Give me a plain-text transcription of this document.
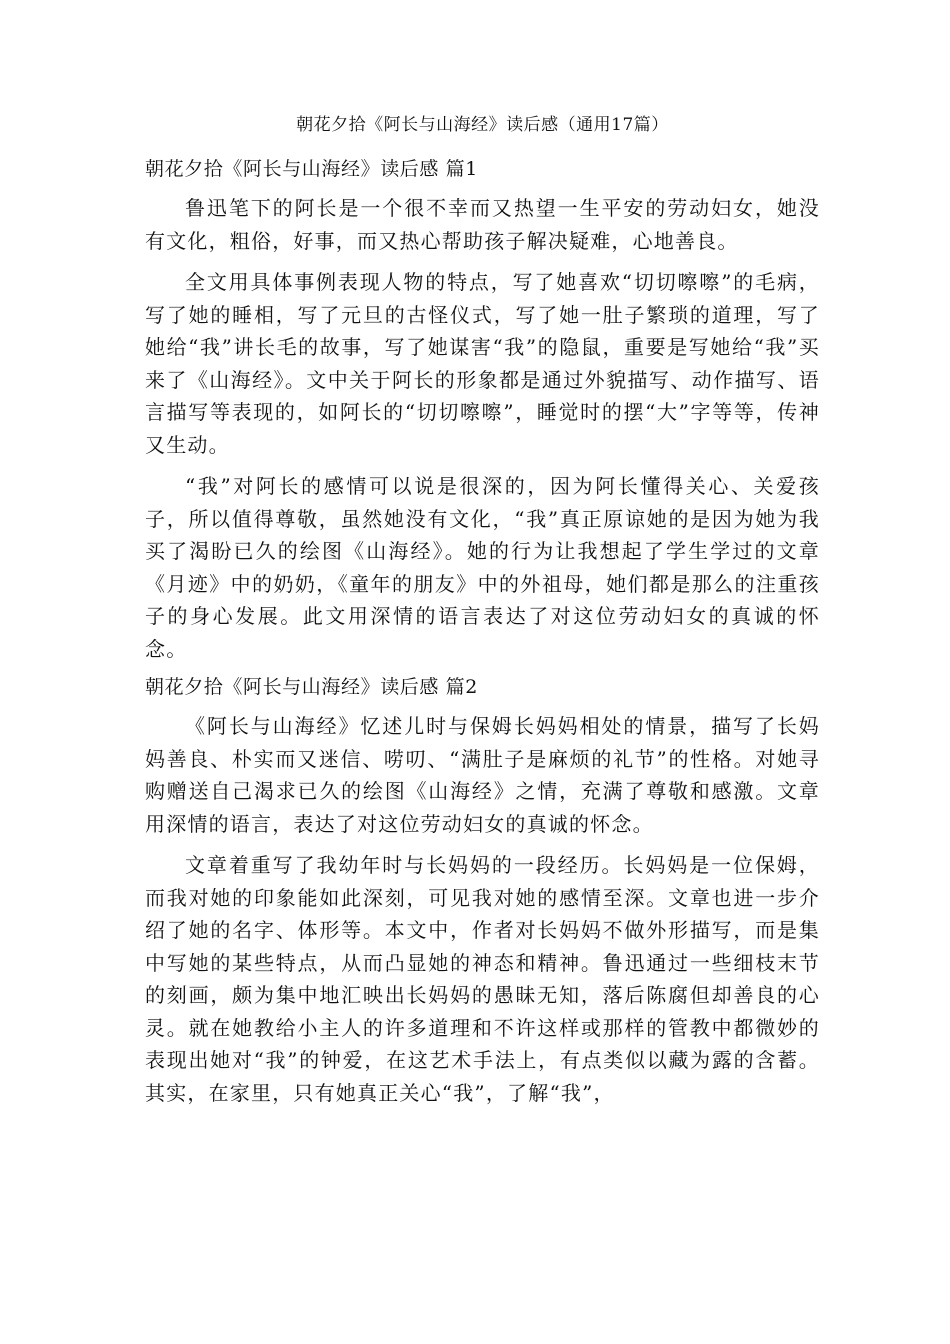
朝花夕拾《阿长与山海经》读后感（通用17篇）
朝花夕拾《阿长与山海经》读后感 篇1

鲁迅笔下的阿长是一个很不幸而又热望一生平安的劳动妇女，她没有文化，粗俗，好事，而又热心帮助孩子解决疑难，心地善良。

全文用具体事例表现人物的特点，写了她喜欢“切切嚓嚓”的毛病，写了她的睡相，写了元旦的古怪仪式，写了她一肚子繁琐的道理，写了她给“我”讲长毛的故事，写了她谋害“我”的隐鼠，重要是写她给“我”买来了《山海经》。文中关于阿长的形象都是通过外貌描写、动作描写、语言描写等表现的，如阿长的“切切嚓嚓”，睡觉时的摆“大”字等等，传神又生动。

“我”对阿长的感情可以说是很深的，因为阿长懂得关心、关爱孩子，所以值得尊敬，虽然她没有文化，“我”真正原谅她的是因为她为我买了渴盼已久的绘图《山海经》。她的行为让我想起了学生学过的文章《月迹》中的奶奶，《童年的朋友》中的外祖母，她们都是那么的注重孩子的身心发展。此文用深情的语言表达了对这位劳动妇女的真诚的怀念。

朝花夕拾《阿长与山海经》读后感 篇2

《阿长与山海经》忆述儿时与保姆长妈妈相处的情景，描写了长妈妈善良、朴实而又迷信、唠叨、“满肚子是麻烦的礼节”的性格。对她寻购赠送自己渴求已久的绘图《山海经》之情，充满了尊敬和感激。文章用深情的语言，表达了对这位劳动妇女的真诚的怀念。

文章着重写了我幼年时与长妈妈的一段经历。长妈妈是一位保姆，而我对她的印象能如此深刻，可见我对她的感情至深。文章也进一步介绍了她的名字、体形等。本文中，作者对长妈妈不做外形描写，而是集中写她的某些特点，从而凸显她的神态和精神。鲁迅通过一些细枝末节的刻画，颇为集中地汇映出长妈妈的愚昧无知，落后陈腐但却善良的心灵。就在她教给小主人的许多道理和不许这样或那样的管教中都微妙的表现出她对“我”的钟爱，在这艺术手法上，有点类似以藏为露的含蓄。其实，在家里，只有她真正关心“我”，了解“我”，
